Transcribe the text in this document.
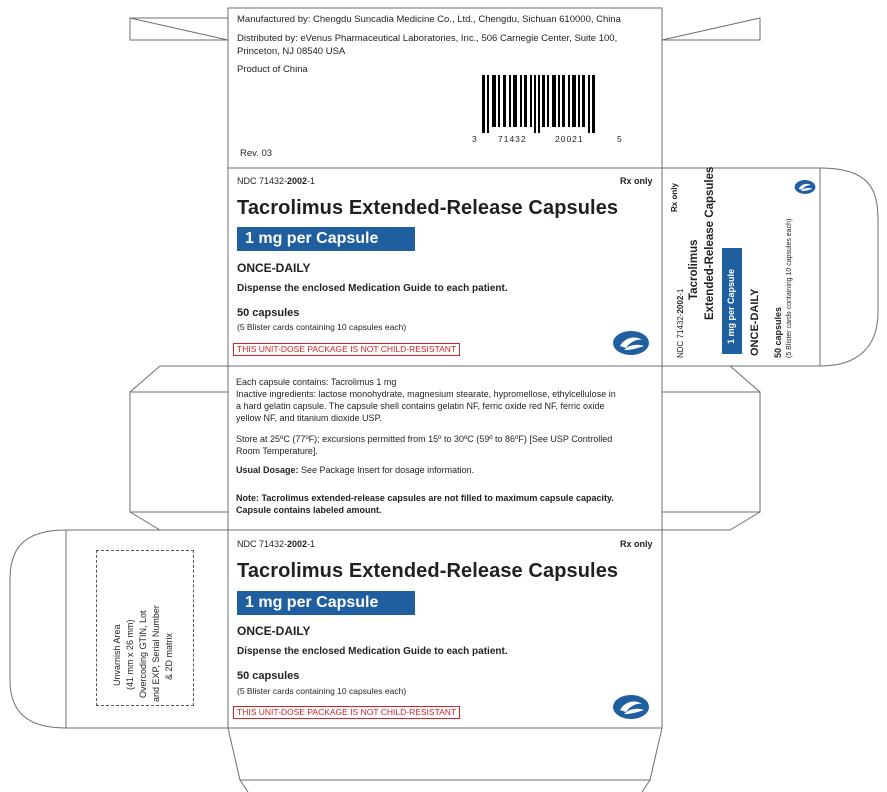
Manufactured by: Chengdu Suncadia Medicine Co., Ltd., Chengdu, Sichuan 610000, China
Distributed by: eVenus Pharmaceutical Laboratories, Inc., 506 Carnegie Center, Suite 100,
Princeton, NJ 08540 USA
Product of China
Rev. 03
3	71432	20021	5
NDC 71432-2002-1	Rx only
Tacrolimus Extended-Release Capsules
1 mg per Capsule
ONCE-DAILY
Dispense the enclosed Medication Guide to each patient.
50 capsules
(5 Blister cards containing 10 capsules each)
THIS UNIT-DOSE PACKAGE IS NOT CHILD-RESISTANT
Rx only
Tacrolimus Extended-Release Capsules
NDC 71432-2002-1	1 mg per Capsule ONCE-DAILY 50 capsules (5 Blister cards containing 10 capsules each)
Each capsule contains: Tacrolimus 1 mg
Inactive ingredients: lactose monohydrate, magnesium stearate, hypromellose, ethylcellulose in
a hard gelatin capsule. The capsule shell contains gelatin NF, ferric oxide red NF, ferric oxide
yellow NF, and titanium dioxide USP.
Store at 25ºC (77ºF); excursions permitted from 15º to 30ºC (59º to 86ºF) [See USP Controlled
Room Temperature].
Usual Dosage: See Package Insert for dosage information.
Note: Tacrolimus extended-release capsules are not filled to maximum capsule capacity.
Capsule contains labeled amount.
Unvarnish Area (41 mm x 26 mm) Overcoding GTIN, Lot and EXP, Serial Number & 2D matrix
NDC 71432-2002-1	Rx only
Tacrolimus Extended-Release Capsules
1 mg per Capsule
ONCE-DAILY
Dispense the enclosed Medication Guide to each patient.
50 capsules
(5 Blister cards containing 10 capsules each)
THIS UNIT-DOSE PACKAGE IS NOT CHILD-RESISTANT
